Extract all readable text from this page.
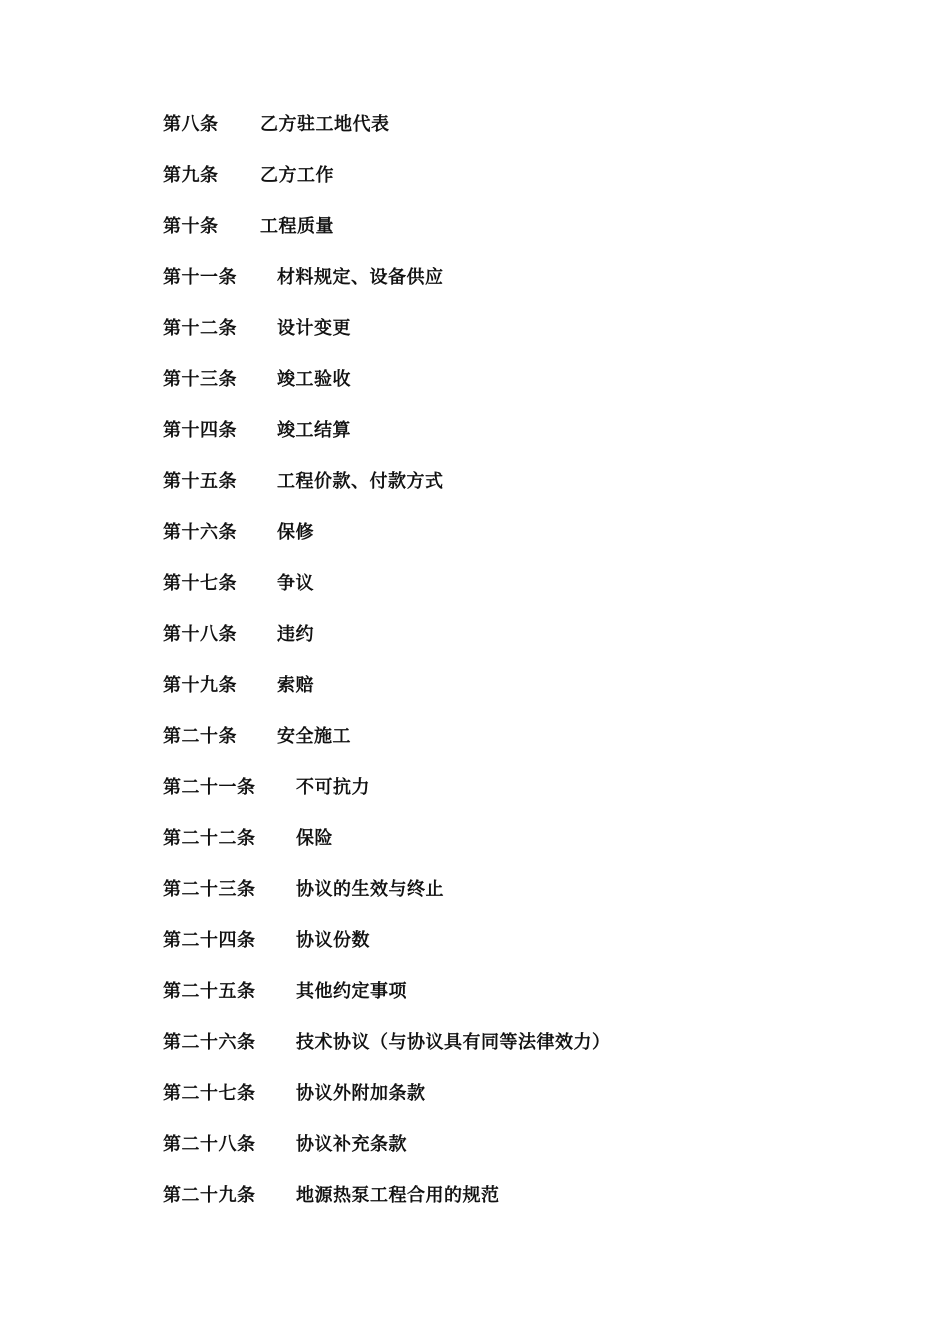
第八条 乙方驻工地代表
第九条 乙方工作
第十条 工程质量
第十一条 材料规定、设备供应
第十二条 设计变更
第十三条 竣工验收
第十四条 竣工结算
第十五条 工程价款、付款方式
第十六条 保修
第十七条 争议
第十八条 违约
第十九条 索赔
第二十条 安全施工
第二十一条 不可抗力
第二十二条 保险
第二十三条 协议的生效与终止
第二十四条 协议份数
第二十五条 其他约定事项
第二十六条 技术协议（与协议具有同等法律效力）
第二十七条 协议外附加条款
第二十八条 协议补充条款
第二十九条 地源热泵工程合用的规范
